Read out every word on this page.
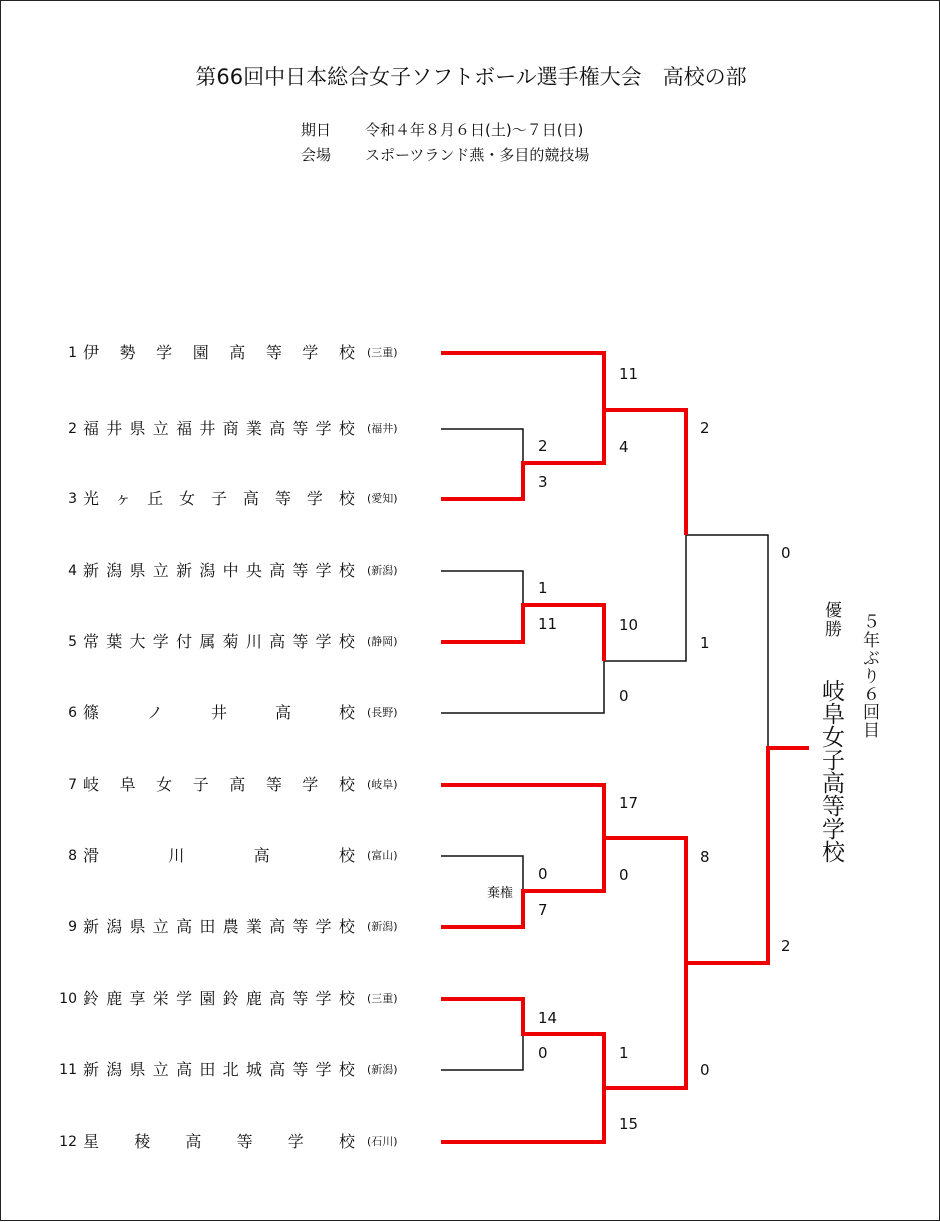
第66回中日本総合女子ソフトボール選手権大会　高校の部
期日 令和４年８月６日(土)～７日(日)
会場 スポーツランド燕・多目的競技場
1 伊 勢 学 園 高 等 学 校 (三重)
2 福 井 県 立 福 井 商 業 高 等 学 校 (福井)
3 光 ヶ 丘 女 子 高 等 学 校 (愛知)
4 新 潟 県 立 新 潟 中 央 高 等 学 校 (新潟)
5 常 葉 大 学 付 属 菊 川 高 等 学 校 (静岡)
6 篠	ノ	井	高	校 (長野)
7 岐 阜 女 子 高 等 学 校 (岐阜)
8 滑	川	高	校 (富山)
9 新 潟 県 立 高 田 農 業 高 等 学 校 (新潟)
10 鈴 鹿 享 栄 学 園 鈴 鹿 高 等 学 校 (三重)
11 新 潟 県 立 高 田 北 城 高 等 学 校 (新潟)
12 星 稜 高 等 学 校 (石川)
2
3
1
11
0
7
棄権
14
0
11
4
10
0
17
0
1
15
2
1
8
0
0
2
優勝
岐阜女子高等学校
５年ぶり６回目
